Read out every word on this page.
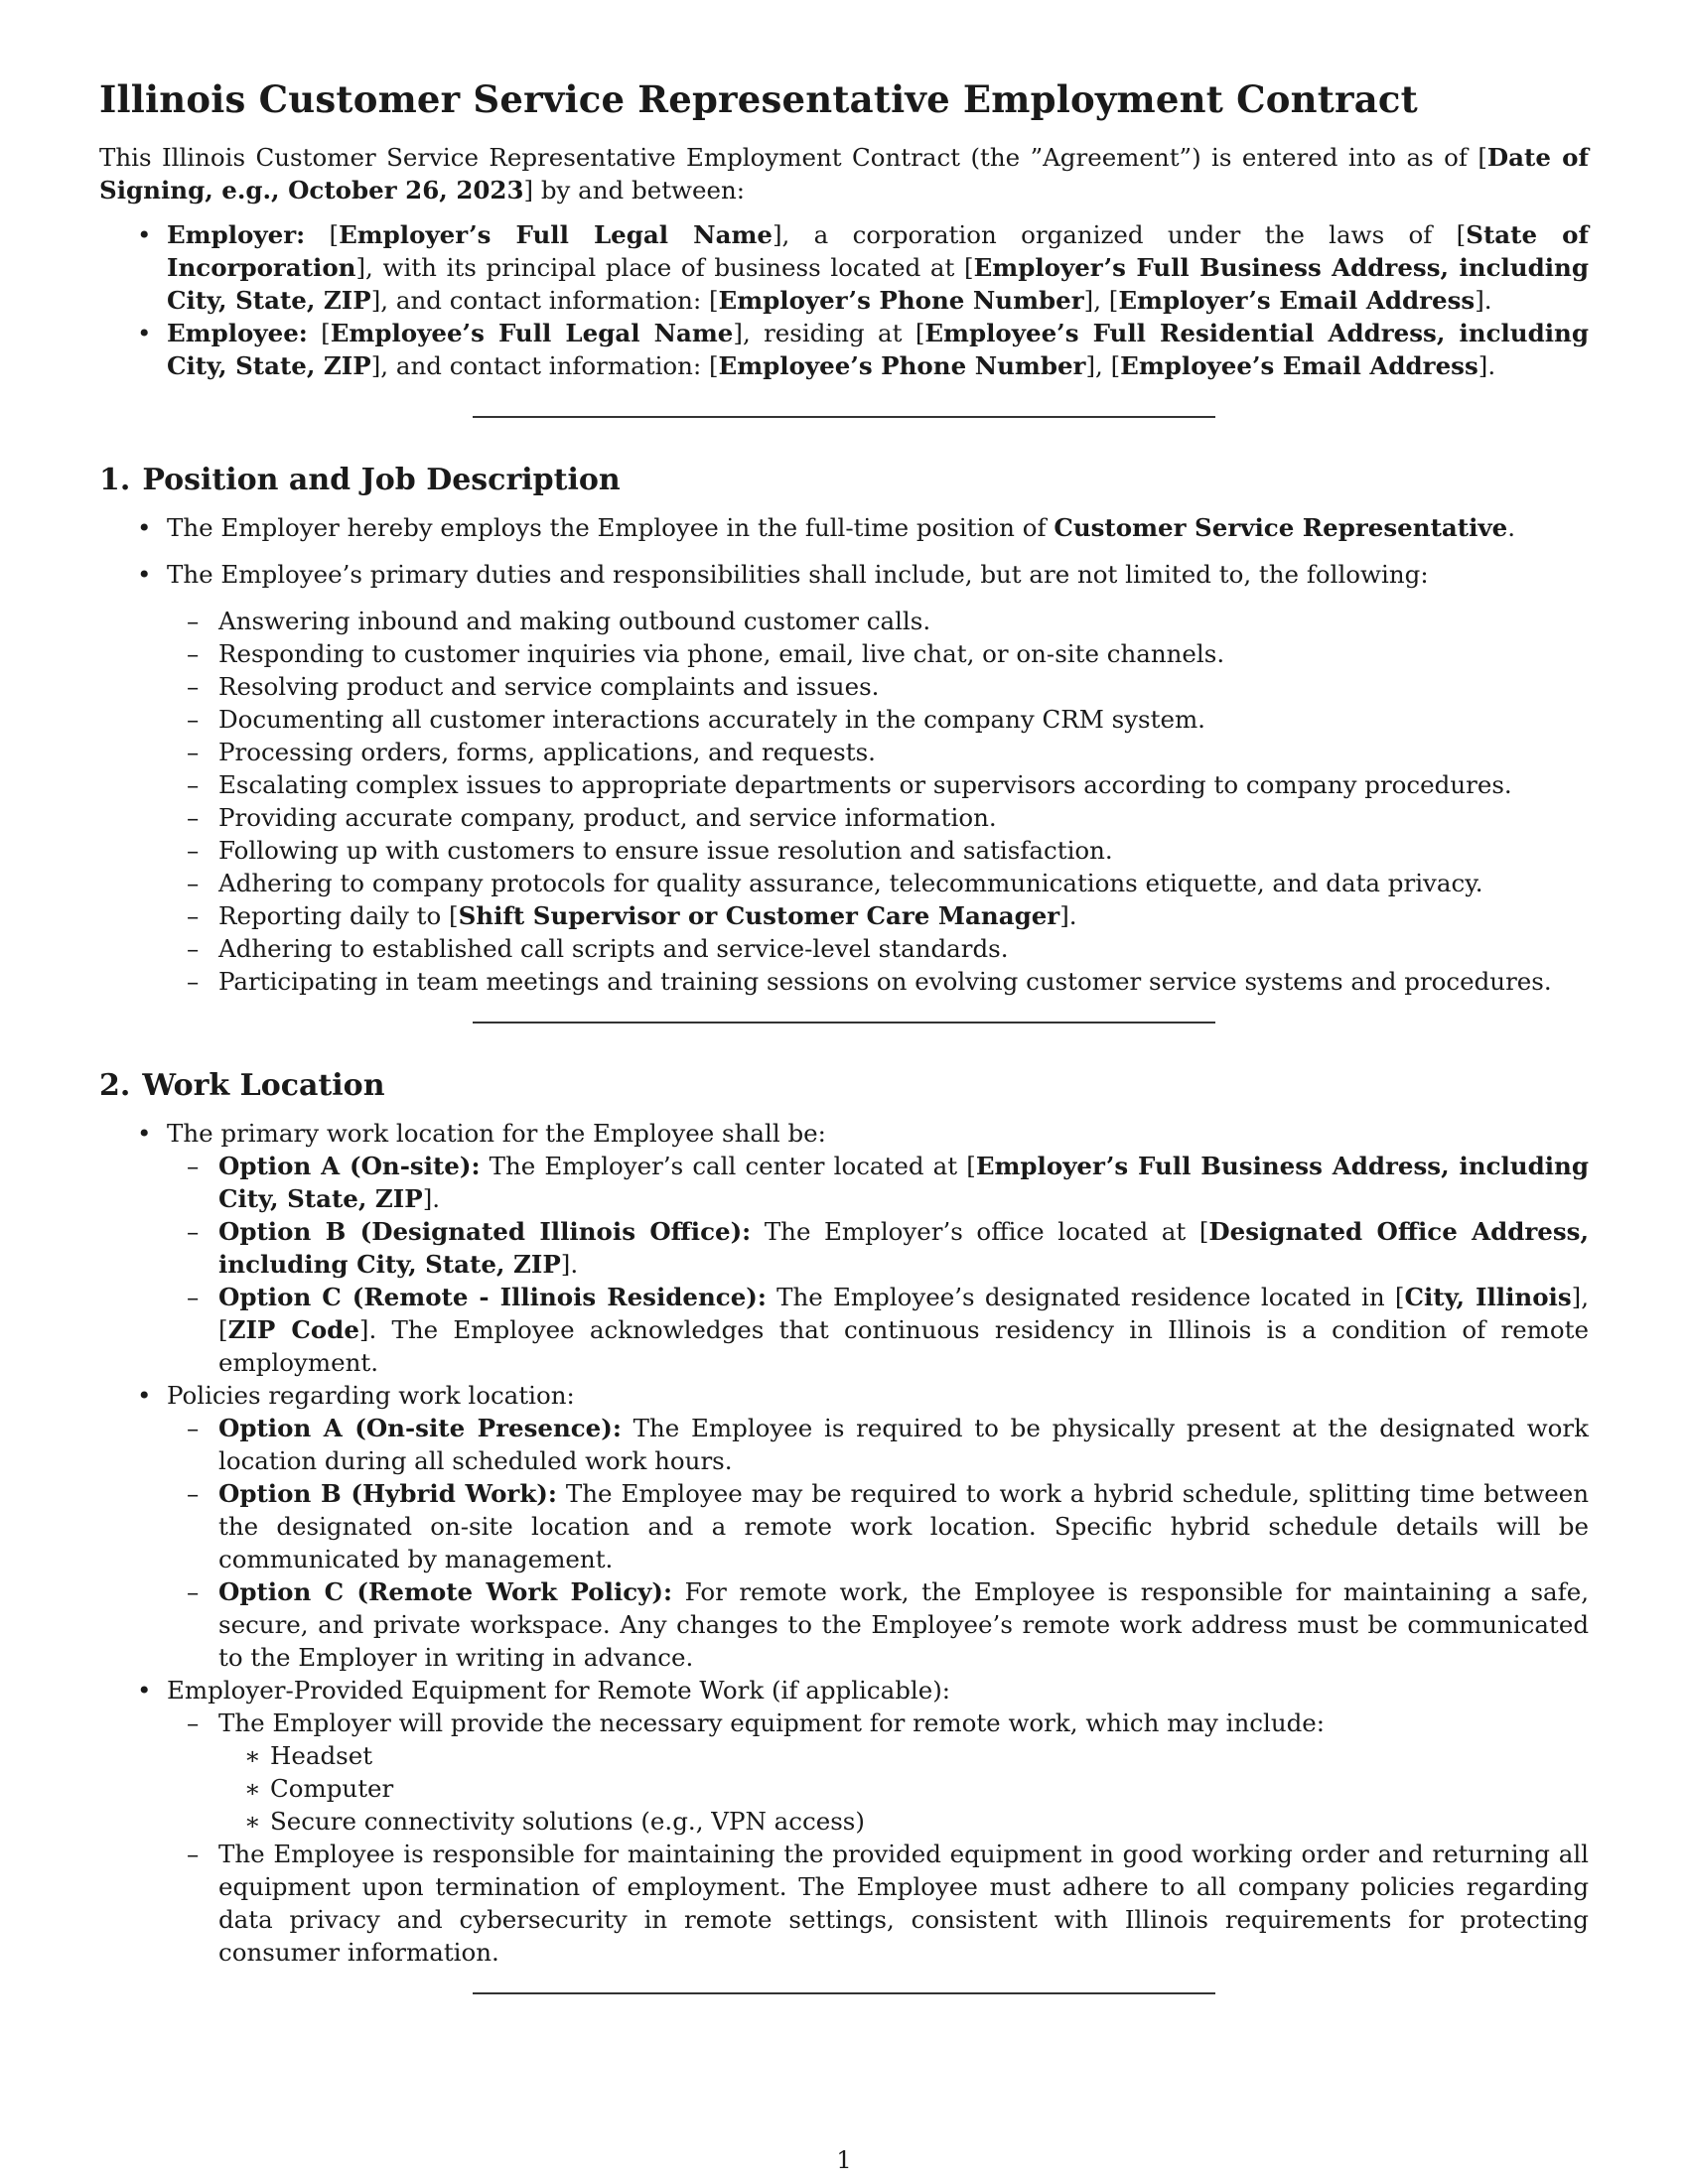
Illinois Customer Service Representative Employment Contract

This Illinois Customer Service Representative Employment Contract (the ”Agreement”) is entered into as of [Date of Signing, e.g., October 26, 2023] by and between:

• Employer: [Employer’s Full Legal Name], a corporation organized under the laws of [State of Incorporation], with its principal place of business located at [Employer’s Full Business Address, including City, State, ZIP], and contact information: [Employer’s Phone Number], [Employer’s Email Address].
• Employee: [Employee’s Full Legal Name], residing at [Employee’s Full Residential Address, including City, State, ZIP], and contact information: [Employee’s Phone Number], [Employee’s Email Address].
1. Position and Job Description
• The Employer hereby employs the Employee in the full-time position of Customer Service Representative.
• The Employee’s primary duties and responsibilities shall include, but are not limited to, the following:
– Answering inbound and making outbound customer calls.
– Responding to customer inquiries via phone, email, live chat, or on-site channels.
– Resolving product and service complaints and issues.
– Documenting all customer interactions accurately in the company CRM system.
– Processing orders, forms, applications, and requests.
– Escalating complex issues to appropriate departments or supervisors according to company procedures.
– Providing accurate company, product, and service information.
– Following up with customers to ensure issue resolution and satisfaction.
– Adhering to company protocols for quality assurance, telecommunications etiquette, and data privacy.
– Reporting daily to [Shift Supervisor or Customer Care Manager].
– Adhering to established call scripts and service-level standards.
– Participating in team meetings and training sessions on evolving customer service systems and procedures.
2. Work Location
• The primary work location for the Employee shall be:
– Option A (On-site): The Employer’s call center located at [Employer’s Full Business Address, including City, State, ZIP].
– Option B (Designated Illinois Office): The Employer’s office located at [Designated Office Address, including City, State, ZIP].
– Option C (Remote - Illinois Residence): The Employee’s designated residence located in [City, Illinois], [ZIP Code]. The Employee acknowledges that continuous residency in Illinois is a condition of remote employment.
• Policies regarding work location:
– Option A (On-site Presence): The Employee is required to be physically present at the designated work location during all scheduled work hours.
– Option B (Hybrid Work): The Employee may be required to work a hybrid schedule, splitting time between the designated on-site location and a remote work location. Specific hybrid schedule details will be communicated by management.
– Option C (Remote Work Policy): For remote work, the Employee is responsible for maintaining a safe, secure, and private workspace. Any changes to the Employee’s remote work address must be communicated to the Employer in writing in advance.
• Employer-Provided Equipment for Remote Work (if applicable):
– The Employer will provide the necessary equipment for remote work, which may include:
∗ Headset
∗ Computer
∗ Secure connectivity solutions (e.g., VPN access)
– The Employee is responsible for maintaining the provided equipment in good working order and returning all equipment upon termination of employment. The Employee must adhere to all company policies regarding data privacy and cybersecurity in remote settings, consistent with Illinois requirements for protecting consumer information.
1
